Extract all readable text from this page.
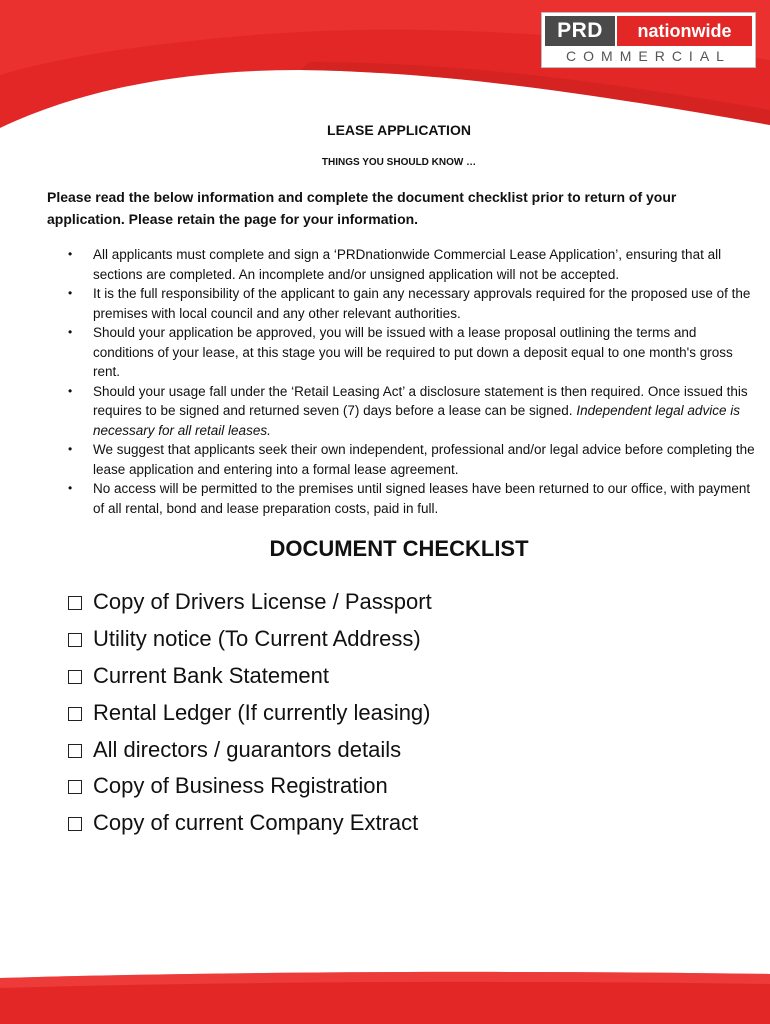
PRD	nationwide
COMMERCIAL
LEASE APPLICATION
THINGS YOU SHOULD KNOW …
Please read the below information and complete the document checklist prior to return of your application. Please retain the page for your information.
• All applicants must complete and sign a ‘PRDnationwide Commercial Lease Application’, ensuring that all sections are completed. An incomplete and/or unsigned application will not be accepted.
• It is the full responsibility of the applicant to gain any necessary approvals required for the proposed use of the premises with local council and any other relevant authorities.
• Should your application be approved, you will be issued with a lease proposal outlining the terms and conditions of your lease, at this stage you will be required to put down a deposit equal to one month's gross rent.
• Should your usage fall under the ‘Retail Leasing Act’ a disclosure statement is then required. Once issued this requires to be signed and returned seven (7) days before a lease can be signed. Independent legal advice is necessary for all retail leases.
• We suggest that applicants seek their own independent, professional and/or legal advice before completing the lease application and entering into a formal lease agreement.
• No access will be permitted to the premises until signed leases have been returned to our office, with payment of all rental, bond and lease preparation costs, paid in full.
DOCUMENT CHECKLIST
Copy of Drivers License / Passport
Utility notice (To Current Address)
Current Bank Statement
Rental Ledger (If currently leasing)
All directors / guarantors details
Copy of Business Registration
Copy of current Company Extract
